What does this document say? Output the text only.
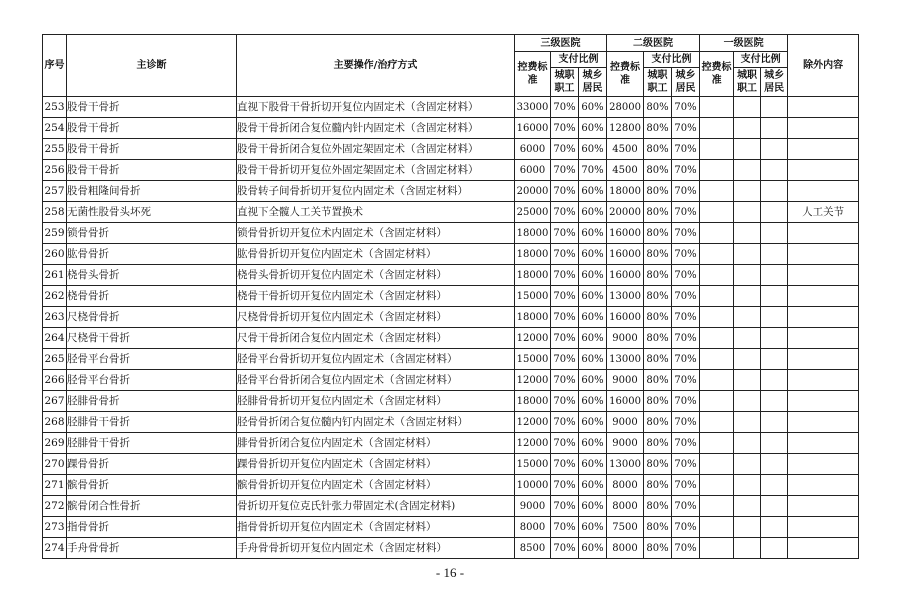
序号	主诊断	主要操作/治疗方式	三级医院			二级医院			一级医院			除外内容
			控费标准	支付比例		控费标准	支付比例		控费标准	支付比例		
				城职职工	城乡居民		城职职工	城乡居民		城职职工	城乡居民	
253	股骨干骨折	直视下股骨干骨折切开复位内固定术（含固定材料）	33000	70%	60%	28000	80%	70%				
254	股骨干骨折	股骨干骨折闭合复位髓内针内固定术（含固定材料）	16000	70%	60%	12800	80%	70%				
255	股骨干骨折	股骨干骨折闭合复位外固定架固定术（含固定材料）	6000	70%	60%	4500	80%	70%				
256	股骨干骨折	股骨干骨折切开复位外固定架固定术（含固定材料）	6000	70%	70%	4500	80%	70%				
257	股骨粗隆间骨折	股骨转子间骨折切开复位内固定术（含固定材料）	20000	70%	60%	18000	80%	70%				
258	无菌性股骨头坏死	直视下全髋人工关节置换术	25000	70%	60%	20000	80%	70%				人工关节
259	锁骨骨折	锁骨骨折切开复位术内固定术（含固定材料）	18000	70%	60%	16000	80%	70%				
260	肱骨骨折	肱骨骨折切开复位内固定术（含固定材料）	18000	70%	60%	16000	80%	70%				
261	桡骨头骨折	桡骨头骨折切开复位内固定术（含固定材料）	18000	70%	60%	16000	80%	70%				
262	桡骨骨折	桡骨干骨折切开复位内固定术（含固定材料）	15000	70%	60%	13000	80%	70%				
263	尺桡骨骨折	尺桡骨骨折切开复位内固定术（含固定材料）	18000	70%	60%	16000	80%	70%				
264	尺桡骨干骨折	尺骨干骨折闭合复位内固定术（含固定材料）	12000	70%	60%	9000	80%	70%				
265	胫骨平台骨折	胫骨平台骨折切开复位内固定术（含固定材料）	15000	70%	60%	13000	80%	70%				
266	胫骨平台骨折	胫骨平台骨折闭合复位内固定术（含固定材料）	12000	70%	60%	9000	80%	70%				
267	胫腓骨骨折	胫腓骨骨折切开复位内固定术（含固定材料）	18000	70%	60%	16000	80%	70%				
268	胫腓骨干骨折	胫骨骨折闭合复位髓内钉内固定术（含固定材料）	12000	70%	60%	9000	80%	70%				
269	胫腓骨干骨折	腓骨骨折闭合复位内固定术（含固定材料）	12000	70%	60%	9000	80%	70%				
270	踝骨骨折	踝骨骨折切开复位内固定术（含固定材料）	15000	70%	60%	13000	80%	70%				
271	髌骨骨折	髌骨骨折切开复位内固定术（含固定材料）	10000	70%	60%	8000	80%	70%				
272	髌骨闭合性骨折	骨折切开复位克氏针张力带固定术(含固定材料)	9000	70%	60%	8000	80%	70%				
273	指骨骨折	指骨骨折切开复位内固定术（含固定材料）	8000	70%	60%	7500	80%	70%				
274	手舟骨骨折	手舟骨骨折切开复位内固定术（含固定材料）	8500	70%	60%	8000	80%	70%				
- 16 -
